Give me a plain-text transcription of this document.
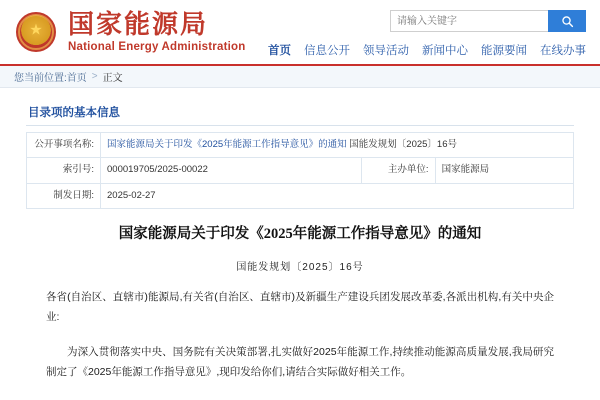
★ 国家能源局
National Energy Administration
请输入关键字 首页 信息公开 领导活动 新闻中心 能源要闻 在线办事
您当前位置: 首页 > 正文
目录项的基本信息
公开事项名称:	国家能源局关于印发《2025年能源工作指导意见》的通知 国能发规划〔2025〕16号		
索引号:	000019705/2025-00022	主办单位:	国家能源局
制发日期:	2025-02-27		
国家能源局关于印发《2025年能源工作指导意见》的通知
国能发规划〔2025〕16号
各省(自治区、直辖市)能源局,有关省(自治区、直辖市)及新疆生产建设兵团发展改革委,各派出机构,有关中央企业:
为深入贯彻落实中央、国务院有关决策部署,扎实做好2025年能源工作,持续推动能源高质量发展,我局研究制定了《2025年能源工作指导意见》,现印发给你们,请结合实际做好相关工作。
